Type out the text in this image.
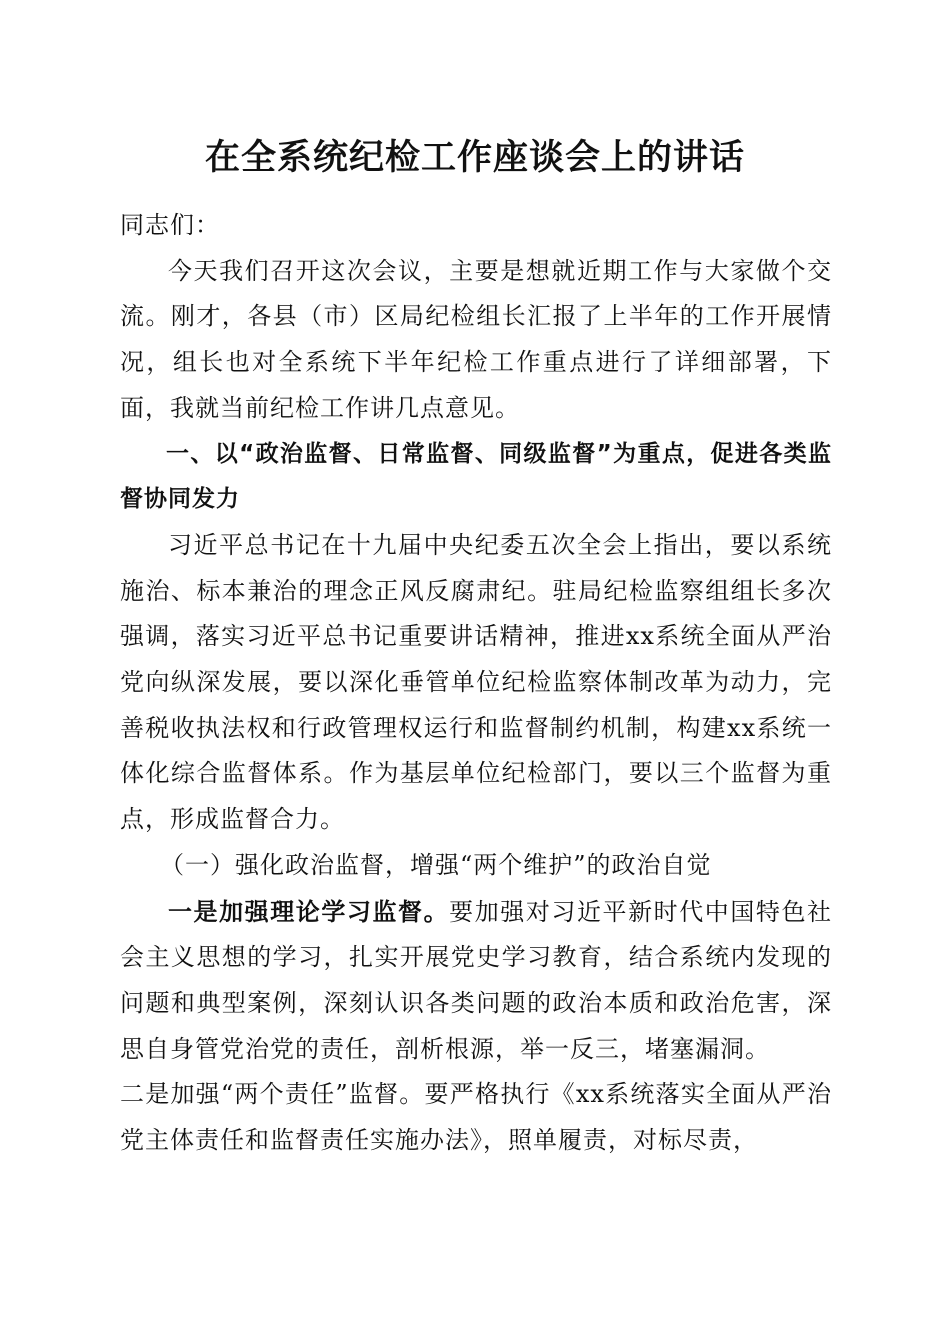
在全系统纪检工作座谈会上的讲话

同志们：

今天我们召开这次会议，主要是想就近期工作与大家做个交流。刚才，各县（市）区局纪检组长汇报了上半年的工作开展情况，组长也对全系统下半年纪检工作重点进行了详细部署，下面，我就当前纪检工作讲几点意见。

一、以“政治监督、日常监督、同级监督”为重点，促进各类监督协同发力

习近平总书记在十九届中央纪委五次全会上指出，要以系统施治、标本兼治的理念正风反腐肃纪。驻局纪检监察组组长多次强调，落实习近平总书记重要讲话精神，推进xx系统全面从严治党向纵深发展，要以深化垂管单位纪检监察体制改革为动力，完善税收执法权和行政管理权运行和监督制约机制，构建xx系统一体化综合监督体系。作为基层单位纪检部门，要以三个监督为重点，形成监督合力。

（一）强化政治监督，增强“两个维护”的政治自觉

一是加强理论学习监督。要加强对习近平新时代中国特色社会主义思想的学习，扎实开展党史学习教育，结合系统内发现的问题和典型案例，深刻认识各类问题的政治本质和政治危害，深思自身管党治党的责任，剖析根源，举一反三，堵塞漏洞。

二是加强“两个责任”监督。要严格执行《xx系统落实全面从严治党主体责任和监督责任实施办法》，照单履责，对标尽责，
